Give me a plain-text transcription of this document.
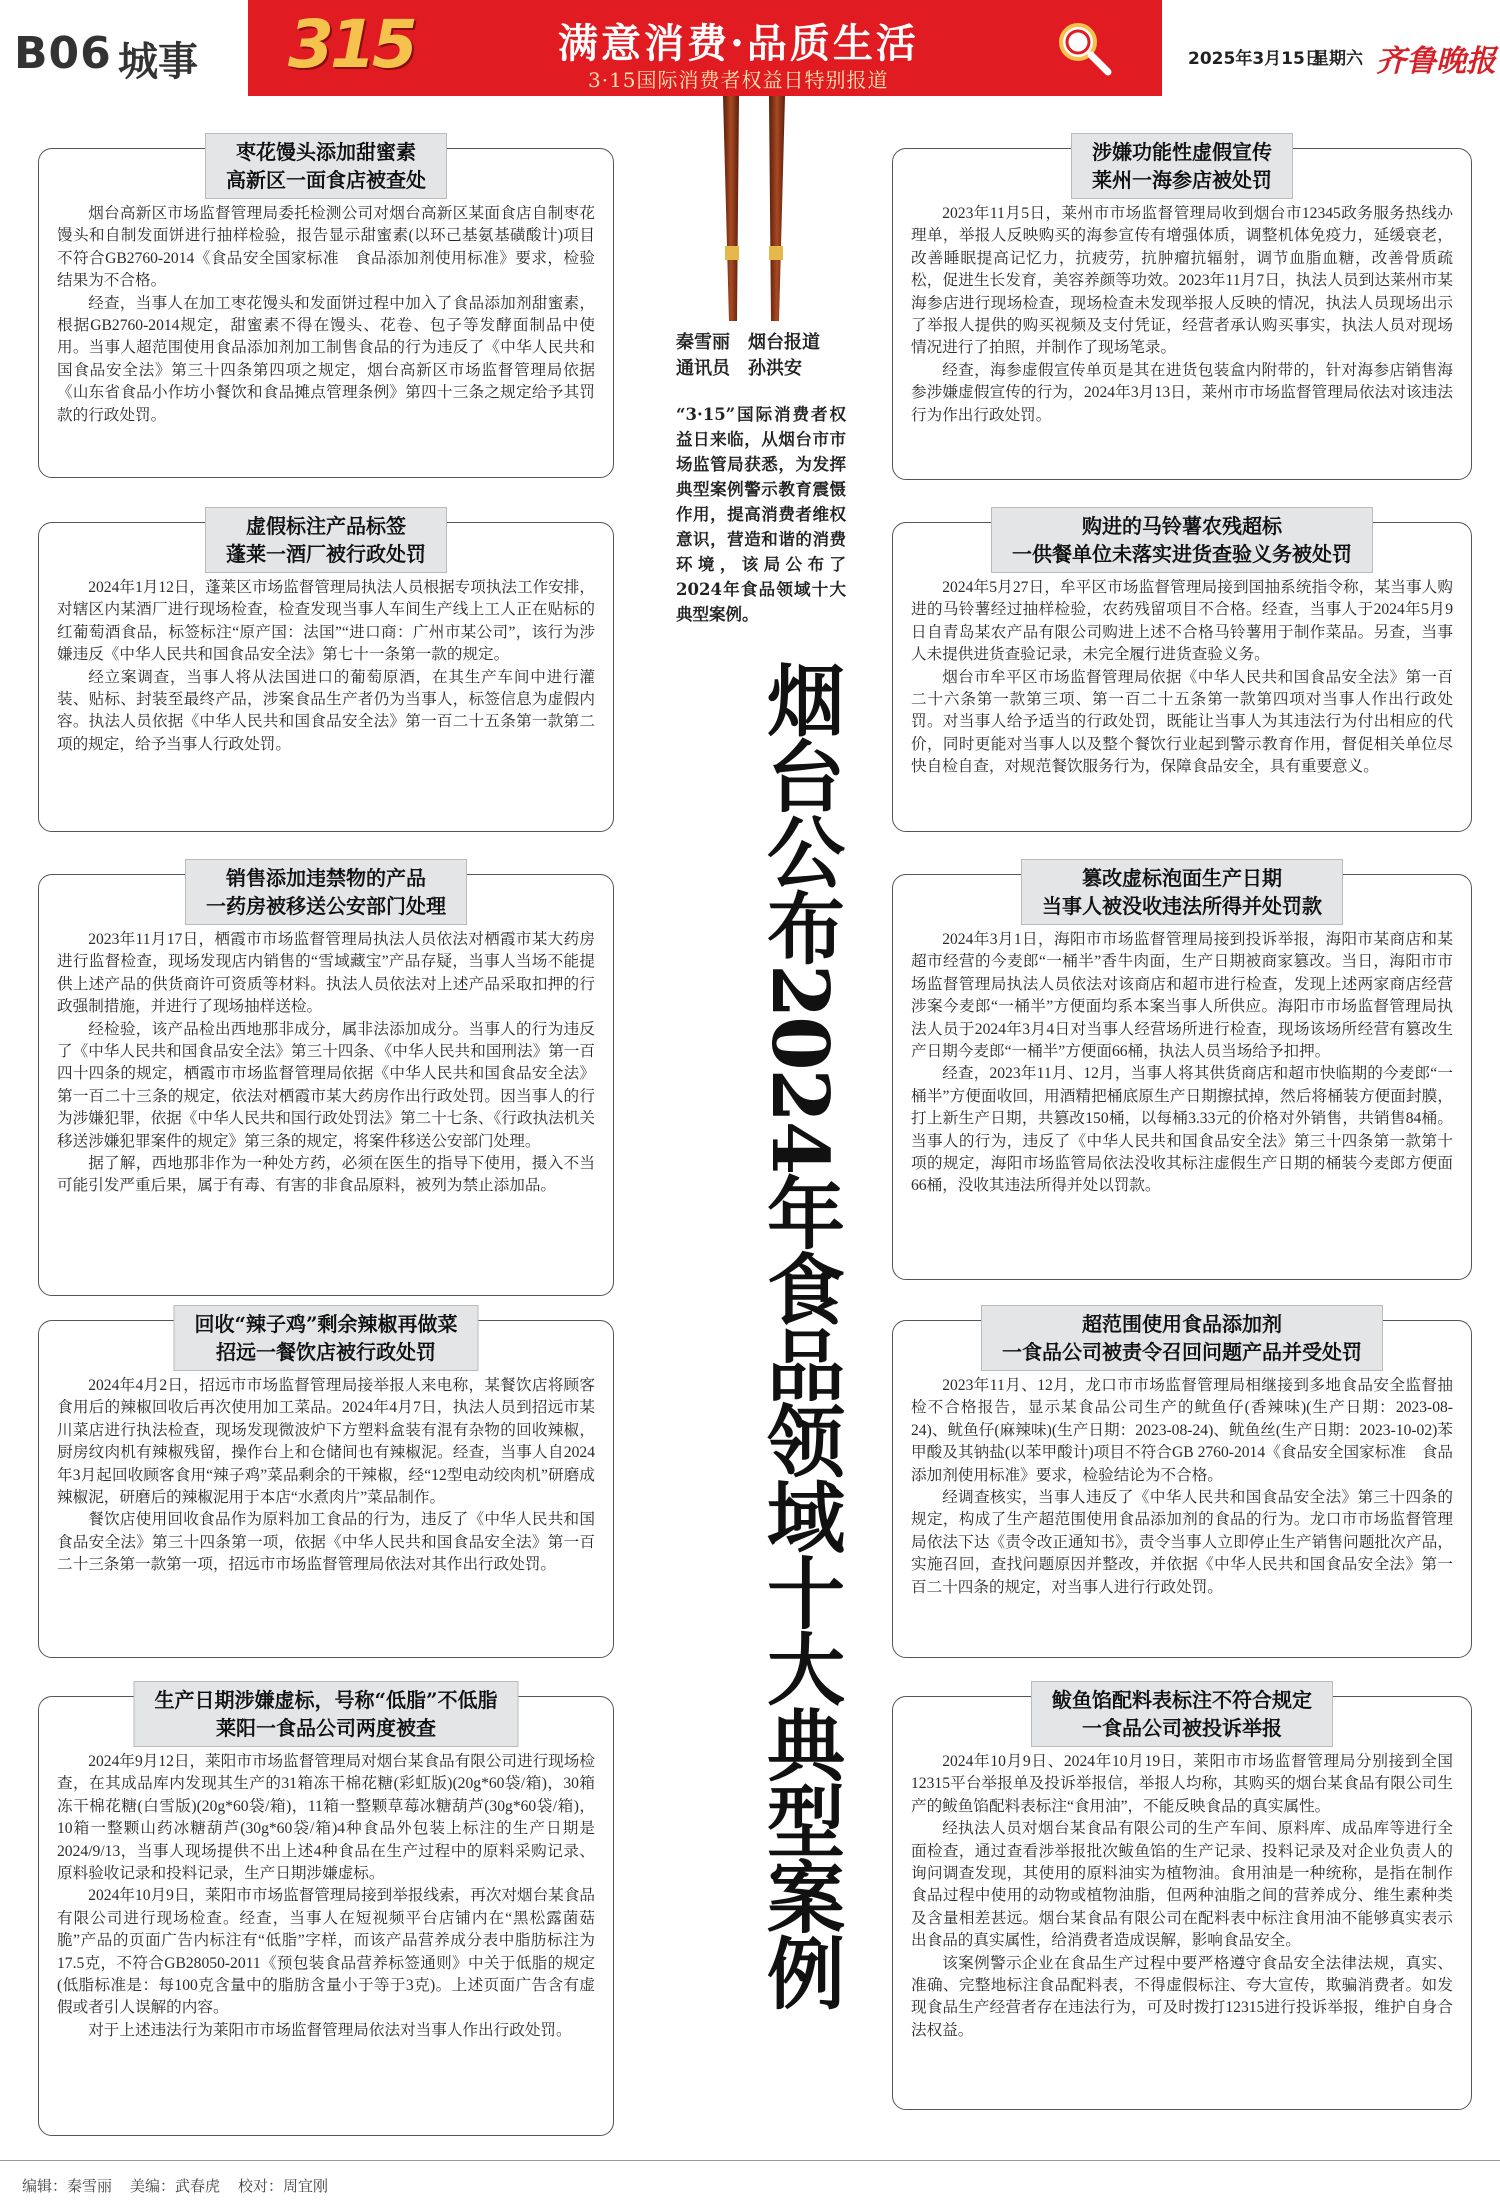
B06 城事 315	满意消费·品质生活
3·15国际消费者权益日特别报道
2025年3月15日
星期六 齐鲁晚报
秦雪丽　烟台报道
通讯员　孙洪安
“3·15”国际消费者权益日来临，从烟台市市场监管局获悉，为发挥典型案例警示教育震慑作用，提高消费者维权意识，营造和谐的消费环境，该局公布了2024年食品领域十大典型案例。
烟台公布2024年食品领域十大典型案例
枣花馒头添加甜蜜素
高新区一面食店被查处

烟台高新区市场监督管理局委托检测公司对烟台高新区某面食店自制枣花馒头和自制发面饼进行抽样检验，报告显示甜蜜素(以环己基氨基磺酸计)项目不符合GB2760-2014《食品安全国家标准　食品添加剂使用标准》要求，检验结果为不合格。

经查，当事人在加工枣花馒头和发面饼过程中加入了食品添加剂甜蜜素，根据GB2760-2014规定，甜蜜素不得在馒头、花卷、包子等发酵面制品中使用。当事人超范围使用食品添加剂加工制售食品的行为违反了《中华人民共和国食品安全法》第三十四条第四项之规定，烟台高新区市场监督管理局依据《山东省食品小作坊小餐饮和食品摊点管理条例》第四十三条之规定给予其罚款的行政处罚。

虚假标注产品标签
蓬莱一酒厂被行政处罚

2024年1月12日，蓬莱区市场监督管理局执法人员根据专项执法工作安排，对辖区内某酒厂进行现场检查，检查发现当事人车间生产线上工人正在贴标的红葡萄酒食品，标签标注“原产国：法国”“进口商：广州市某公司”，该行为涉嫌违反《中华人民共和国食品安全法》第七十一条第一款的规定。

经立案调查，当事人将从法国进口的葡萄原酒，在其生产车间中进行灌装、贴标、封装至最终产品，涉案食品生产者仍为当事人，标签信息为虚假内容。执法人员依据《中华人民共和国食品安全法》第一百二十五条第一款第二项的规定，给予当事人行政处罚。

销售添加违禁物的产品
一药房被移送公安部门处理

2023年11月17日，栖霞市市场监督管理局执法人员依法对栖霞市某大药房进行监督检查，现场发现店内销售的“雪域藏宝”产品存疑，当事人当场不能提供上述产品的供货商许可资质等材料。执法人员依法对上述产品采取扣押的行政强制措施，并进行了现场抽样送检。

经检验，该产品检出西地那非成分，属非法添加成分。当事人的行为违反了《中华人民共和国食品安全法》第三十四条、《中华人民共和国刑法》第一百四十四条的规定，栖霞市市场监督管理局依据《中华人民共和国食品安全法》第一百二十三条的规定，依法对栖霞市某大药房作出行政处罚。因当事人的行为涉嫌犯罪，依据《中华人民共和国行政处罚法》第二十七条、《行政执法机关移送涉嫌犯罪案件的规定》第三条的规定，将案件移送公安部门处理。

据了解，西地那非作为一种处方药，必须在医生的指导下使用，摄入不当可能引发严重后果，属于有毒、有害的非食品原料，被列为禁止添加品。

回收“辣子鸡”剩余辣椒再做菜
招远一餐饮店被行政处罚

2024年4月2日，招远市市场监督管理局接举报人来电称，某餐饮店将顾客食用后的辣椒回收后再次使用加工菜品。2024年4月7日，执法人员到招远市某川菜店进行执法检查，现场发现微波炉下方塑料盒装有混有杂物的回收辣椒，厨房纹肉机有辣椒残留，操作台上和仓储间也有辣椒泥。经查，当事人自2024年3月起回收顾客食用“辣子鸡”菜品剩余的干辣椒，经“12型电动绞肉机”研磨成辣椒泥，研磨后的辣椒泥用于本店“水煮肉片”菜品制作。

餐饮店使用回收食品作为原料加工食品的行为，违反了《中华人民共和国食品安全法》第三十四条第一项，依据《中华人民共和国食品安全法》第一百二十三条第一款第一项，招远市市场监督管理局依法对其作出行政处罚。

生产日期涉嫌虚标，号称“低脂”不低脂
莱阳一食品公司两度被查

2024年9月12日，莱阳市市场监督管理局对烟台某食品有限公司进行现场检查，在其成品库内发现其生产的31箱冻干棉花糖(彩虹版)(20g*60袋/箱)，30箱冻干棉花糖(白雪版)(20g*60袋/箱)，11箱一整颗草莓冰糖葫芦(30g*60袋/箱)，10箱一整颗山药冰糖葫芦(30g*60袋/箱)4种食品外包装上标注的生产日期是2024/9/13，当事人现场提供不出上述4种食品在生产过程中的原料采购记录、原料验收记录和投料记录，生产日期涉嫌虚标。

2024年10月9日，莱阳市市场监督管理局接到举报线索，再次对烟台某食品有限公司进行现场检查。经查，当事人在短视频平台店铺内在“黑松露菌菇脆”产品的页面广告内标注有“低脂”字样，而该产品营养成分表中脂肪标注为17.5克，不符合GB28050-2011《预包装食品营养标签通则》中关于低脂的规定(低脂标准是：每100克含量中的脂肪含量小于等于3克)。上述页面广告含有虚假或者引人误解的内容。

对于上述违法行为莱阳市市场监督管理局依法对当事人作出行政处罚。

涉嫌功能性虚假宣传
莱州一海参店被处罚

2023年11月5日，莱州市市场监督管理局收到烟台市12345政务服务热线办理单，举报人反映购买的海参宣传有增强体质，调整机体免疫力，延缓衰老，改善睡眠提高记忆力，抗疲劳，抗肿瘤抗辐射，调节血脂血糖，改善骨质疏松，促进生长发育，美容养颜等功效。2023年11月7日，执法人员到达莱州市某海参店进行现场检查，现场检查未发现举报人反映的情况，执法人员现场出示了举报人提供的购买视频及支付凭证，经营者承认购买事实，执法人员对现场情况进行了拍照，并制作了现场笔录。

经查，海参虚假宣传单页是其在进货包装盒内附带的，针对海参店销售海参涉嫌虚假宣传的行为，2024年3月13日，莱州市市场监督管理局依法对该违法行为作出行政处罚。

购进的马铃薯农残超标
一供餐单位未落实进货查验义务被处罚

2024年5月27日，牟平区市场监督管理局接到国抽系统指令称，某当事人购进的马铃薯经过抽样检验，农药残留项目不合格。经查，当事人于2024年5月9日自青岛某农产品有限公司购进上述不合格马铃薯用于制作菜品。另查，当事人未提供进货查验记录，未完全履行进货查验义务。

烟台市牟平区市场监督管理局依据《中华人民共和国食品安全法》第一百二十六条第一款第三项、第一百二十五条第一款第四项对当事人作出行政处罚。对当事人给予适当的行政处罚，既能让当事人为其违法行为付出相应的代价，同时更能对当事人以及整个餐饮行业起到警示教育作用，督促相关单位尽快自检自查，对规范餐饮服务行为，保障食品安全，具有重要意义。

篡改虚标泡面生产日期
当事人被没收违法所得并处罚款

2024年3月1日，海阳市市场监督管理局接到投诉举报，海阳市某商店和某超市经营的今麦郎“一桶半”香牛肉面，生产日期被商家篡改。当日，海阳市市场监督管理局执法人员依法对该商店和超市进行检查，发现上述两家商店经营涉案今麦郎“一桶半”方便面均系本案当事人所供应。海阳市市场监督管理局执法人员于2024年3月4日对当事人经营场所进行检查，现场该场所经营有篡改生产日期今麦郎“一桶半”方便面66桶，执法人员当场给予扣押。

经查，2023年11月、12月，当事人将其供货商店和超市快临期的今麦郎“一桶半”方便面收回，用酒精把桶底原生产日期擦拭掉，然后将桶装方便面封膜，打上新生产日期，共篡改150桶，以每桶3.33元的价格对外销售，共销售84桶。当事人的行为，违反了《中华人民共和国食品安全法》第三十四条第一款第十项的规定，海阳市场监管局依法没收其标注虚假生产日期的桶装今麦郎方便面66桶，没收其违法所得并处以罚款。

超范围使用食品添加剂
一食品公司被责令召回问题产品并受处罚

2023年11月、12月，龙口市市场监督管理局相继接到多地食品安全监督抽检不合格报告，显示某食品公司生产的鱿鱼仔(香辣味)(生产日期：2023-08-24)、鱿鱼仔(麻辣味)(生产日期：2023-08-24)、鱿鱼丝(生产日期：2023-10-02)苯甲酸及其钠盐(以苯甲酸计)项目不符合GB 2760-2014《食品安全国家标准　食品添加剂使用标准》要求，检验结论为不合格。

经调查核实，当事人违反了《中华人民共和国食品安全法》第三十四条的规定，构成了生产超范围使用食品添加剂的食品的行为。龙口市市场监督管理局依法下达《责令改正通知书》，责令当事人立即停止生产销售问题批次产品，实施召回，查找问题原因并整改，并依据《中华人民共和国食品安全法》第一百二十四条的规定，对当事人进行行政处罚。

鲅鱼馅配料表标注不符合规定
一食品公司被投诉举报

2024年10月9日、2024年10月19日，莱阳市市场监督管理局分别接到全国12315平台举报单及投诉举报信，举报人均称，其购买的烟台某食品有限公司生产的鲅鱼馅配料表标注“食用油”，不能反映食品的真实属性。

经执法人员对烟台某食品有限公司的生产车间、原料库、成品库等进行全面检查，通过查看涉举报批次鲅鱼馅的生产记录、投料记录及对企业负责人的询问调查发现，其使用的原料油实为植物油。食用油是一种统称，是指在制作食品过程中使用的动物或植物油脂，但两种油脂之间的营养成分、维生素种类及含量相差甚远。烟台某食品有限公司在配料表中标注食用油不能够真实表示出食品的真实属性，给消费者造成误解，影响食品安全。

该案例警示企业在食品生产过程中要严格遵守食品安全法律法规，真实、准确、完整地标注食品配料表，不得虚假标注、夸大宣传，欺骗消费者。如发现食品生产经营者存在违法行为，可及时拨打12315进行投诉举报，维护自身合法权益。

编辑：秦雪丽 美编：武春虎 校对：周宜刚
